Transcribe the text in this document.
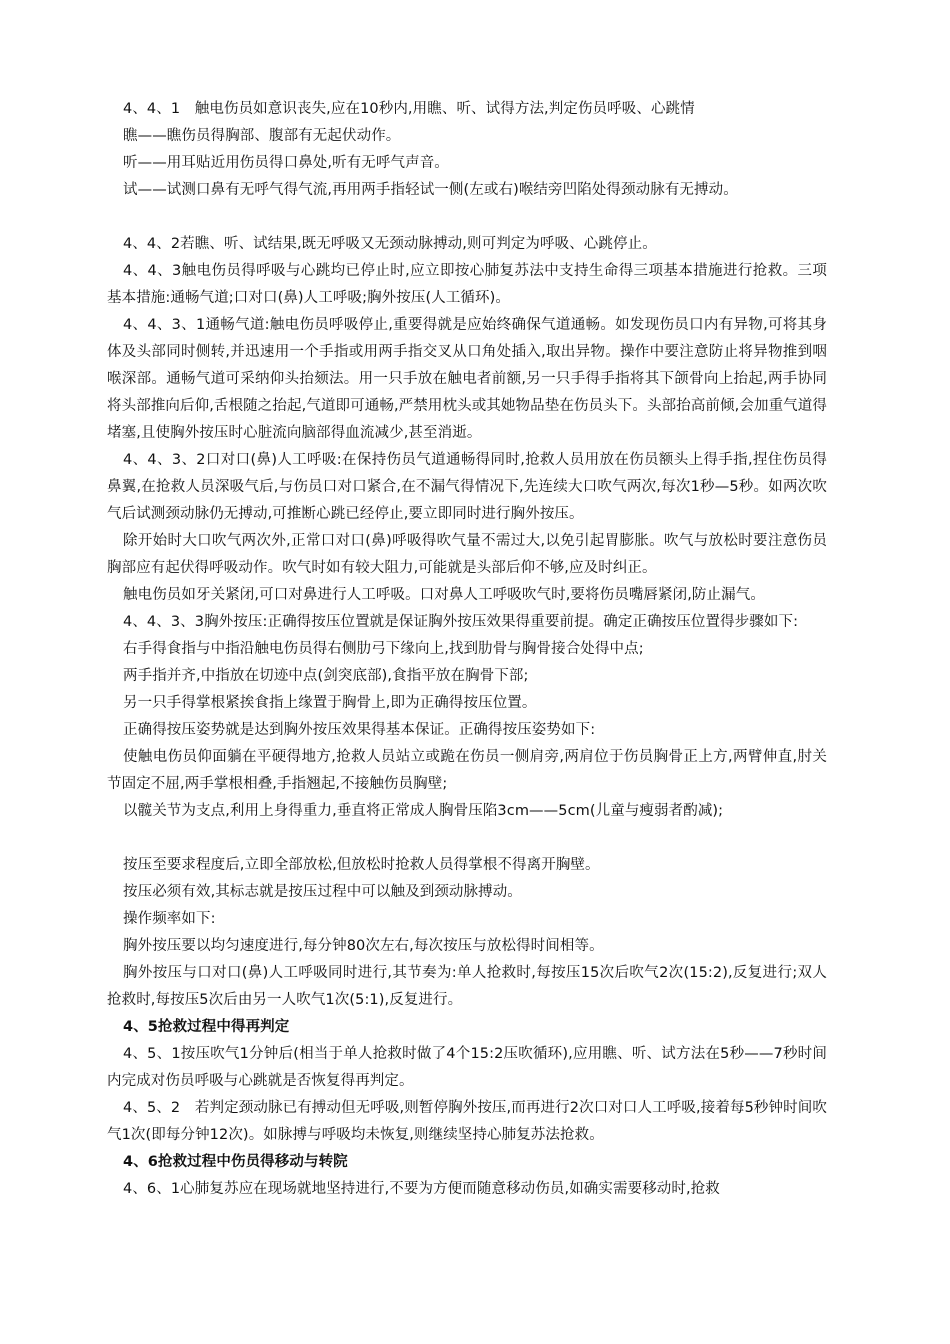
4、4、1　触电伤员如意识丧失,应在10秒内,用瞧、听、试得方法,判定伤员呼吸、心跳情

瞧——瞧伤员得胸部、腹部有无起伏动作。

听——用耳贴近用伤员得口鼻处,听有无呼气声音。

试——试测口鼻有无呼气得气流,再用两手指轻试一侧(左或右)喉结旁凹陷处得颈动脉有无搏动。

4、4、2若瞧、听、试结果,既无呼吸又无颈动脉搏动,则可判定为呼吸、心跳停止。

4、4、3触电伤员得呼吸与心跳均已停止时,应立即按心肺复苏法中支持生命得三项基本措施进行抢救。三项基本措施:通畅气道;口对口(鼻)人工呼吸;胸外按压(人工循环)。

4、4、3、1通畅气道:触电伤员呼吸停止,重要得就是应始终确保气道通畅。如发现伤员口内有异物,可将其身体及头部同时侧转,并迅速用一个手指或用两手指交叉从口角处插入,取出异物。操作中要注意防止将异物推到咽喉深部。通畅气道可采纳仰头抬颏法。用一只手放在触电者前额,另一只手得手指将其下颌骨向上抬起,两手协同将头部推向后仰,舌根随之抬起,气道即可通畅,严禁用枕头或其她物品垫在伤员头下。头部抬高前倾,会加重气道得堵塞,且使胸外按压时心脏流向脑部得血流减少,甚至消逝。

4、4、3、2口对口(鼻)人工呼吸:在保持伤员气道通畅得同时,抢救人员用放在伤员额头上得手指,捏住伤员得鼻翼,在抢救人员深吸气后,与伤员口对口紧合,在不漏气得情况下,先连续大口吹气两次,每次1秒—5秒。如两次吹气后试测颈动脉仍无搏动,可推断心跳已经停止,要立即同时进行胸外按压。

除开始时大口吹气两次外,正常口对口(鼻)呼吸得吹气量不需过大,以免引起胃膨胀。吹气与放松时要注意伤员胸部应有起伏得呼吸动作。吹气时如有较大阻力,可能就是头部后仰不够,应及时纠正。

触电伤员如牙关紧闭,可口对鼻进行人工呼吸。口对鼻人工呼吸吹气时,要将伤员嘴唇紧闭,防止漏气。

4、4、3、3胸外按压:正确得按压位置就是保证胸外按压效果得重要前提。确定正确按压位置得步骤如下:

右手得食指与中指沿触电伤员得右侧肋弓下缘向上,找到肋骨与胸骨接合处得中点;

两手指并齐,中指放在切迹中点(剑突底部),食指平放在胸骨下部;

另一只手得掌根紧挨食指上缘置于胸骨上,即为正确得按压位置。

正确得按压姿势就是达到胸外按压效果得基本保证。正确得按压姿势如下:

使触电伤员仰面躺在平硬得地方,抢救人员站立或跪在伤员一侧肩旁,两肩位于伤员胸骨正上方,两臂伸直,肘关节固定不屈,两手掌根相叠,手指翘起,不接触伤员胸壁;

以髋关节为支点,利用上身得重力,垂直将正常成人胸骨压陷3cm——5cm(儿童与瘦弱者酌减);

按压至要求程度后,立即全部放松,但放松时抢救人员得掌根不得离开胸壁。

按压必须有效,其标志就是按压过程中可以触及到颈动脉搏动。

操作频率如下:

胸外按压要以均匀速度进行,每分钟80次左右,每次按压与放松得时间相等。

胸外按压与口对口(鼻)人工呼吸同时进行,其节奏为:单人抢救时,每按压15次后吹气2次(15:2),反复进行;双人抢救时,每按压5次后由另一人吹气1次(5:1),反复进行。

4、5抢救过程中得再判定

4、5、1按压吹气1分钟后(相当于单人抢救时做了4个15:2压吹循环),应用瞧、听、试方法在5秒——7秒时间内完成对伤员呼吸与心跳就是否恢复得再判定。

4、5、2　若判定颈动脉已有搏动但无呼吸,则暂停胸外按压,而再进行2次口对口人工呼吸,接着每5秒钟时间吹气1次(即每分钟12次)。如脉搏与呼吸均未恢复,则继续坚持心肺复苏法抢救。

4、6抢救过程中伤员得移动与转院

4、6、1心肺复苏应在现场就地坚持进行,不要为方便而随意移动伤员,如确实需要移动时,抢救
